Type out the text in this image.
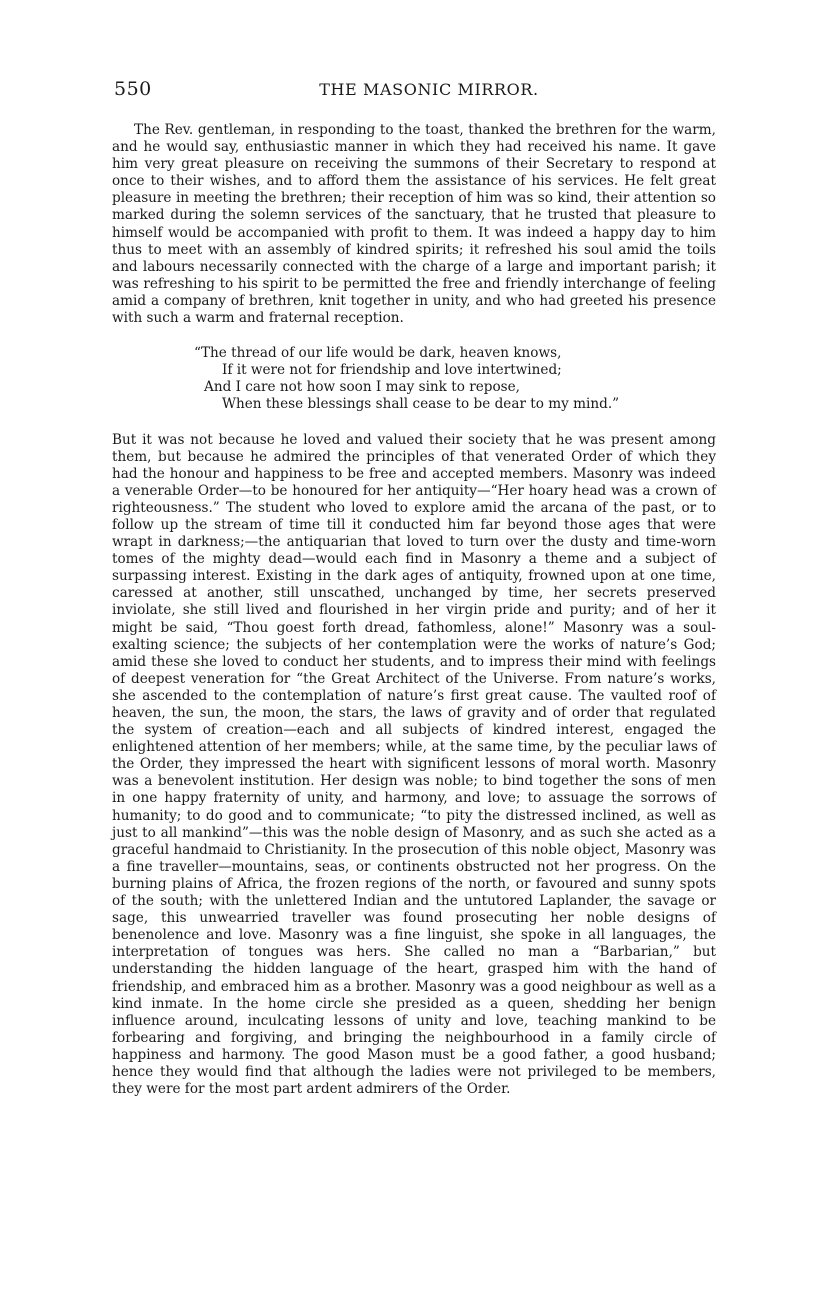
550	THE MASONIC MIRROR.

The Rev. gentleman, in responding to the toast, thanked the brethren for the warm, and he would say, enthusiastic manner in which they had received his name. It gave him very great pleasure on receiving the summons of their Secretary to respond at once to their wishes, and to afford them the assistance of his services. He felt great pleasure in meeting the brethren; their reception of him was so kind, their attention so marked during the solemn services of the sanctuary, that he trusted that pleasure to himself would be accompanied with profit to them. It was indeed a happy day to him thus to meet with an assembly of kindred spirits; it refreshed his soul amid the toils and labours necessarily connected with the charge of a large and important parish; it was refreshing to his spirit to be permitted the free and friendly interchange of feeling amid a company of brethren, knit together in unity, and who had greeted his presence with such a warm and fraternal reception.

“The thread of our life would be dark, heaven knows,
If it were not for friendship and love intertwined;
And I care not how soon I may sink to repose,
When these blessings shall cease to be dear to my mind.”

But it was not because he loved and valued their society that he was present among them, but because he admired the principles of that venerated Order of which they had the honour and happiness to be free and accepted members. Masonry was indeed a venerable Order—to be honoured for her antiquity—“Her hoary head was a crown of righteousness.” The student who loved to explore amid the arcana of the past, or to follow up the stream of time till it conducted him far beyond those ages that were wrapt in darkness;—the antiquarian that loved to turn over the dusty and time-worn tomes of the mighty dead—would each find in Masonry a theme and a subject of surpassing interest. Existing in the dark ages of antiquity, frowned upon at one time, caressed at another, still unscathed, unchanged by time, her secrets preserved inviolate, she still lived and flourished in her virgin pride and purity; and of her it might be said, “Thou goest forth dread, fathomless, alone!” Masonry was a soul-exalting science; the subjects of her contemplation were the works of nature’s God; amid these she loved to conduct her students, and to impress their mind with feelings of deepest veneration for “the Great Architect of the Universe. From nature’s works, she ascended to the contemplation of nature’s first great cause. The vaulted roof of heaven, the sun, the moon, the stars, the laws of gravity and of order that regulated the system of creation—each and all subjects of kindred interest, engaged the enlightened attention of her members; while, at the same time, by the peculiar laws of the Order, they impressed the heart with significent lessons of moral worth. Masonry was a benevolent institution. Her design was noble; to bind together the sons of men in one happy fraternity of unity, and harmony, and love; to assuage the sorrows of humanity; to do good and to communicate; “to pity the distressed inclined, as well as just to all mankind”—this was the noble design of Masonry, and as such she acted as a graceful handmaid to Christianity. In the prosecution of this noble object, Masonry was a fine traveller—mountains, seas, or continents obstructed not her progress. On the burning plains of Africa, the frozen regions of the north, or favoured and sunny spots of the south; with the unlettered Indian and the untutored Laplander, the savage or sage, this unwearried traveller was found prosecuting her noble designs of benenolence and love. Masonry was a fine linguist, she spoke in all languages, the interpretation of tongues was hers. She called no man a “Barbarian,” but understanding the hidden language of the heart, grasped him with the hand of friendship, and embraced him as a brother. Masonry was a good neighbour as well as a kind inmate. In the home circle she presided as a queen, shedding her benign influence around, inculcating lessons of unity and love, teaching mankind to be forbearing and forgiving, and bringing the neighbourhood in a family circle of happiness and harmony. The good Mason must be a good father, a good husband; hence they would find that although the ladies were not privileged to be members, they were for the most part ardent admirers of the Order.
